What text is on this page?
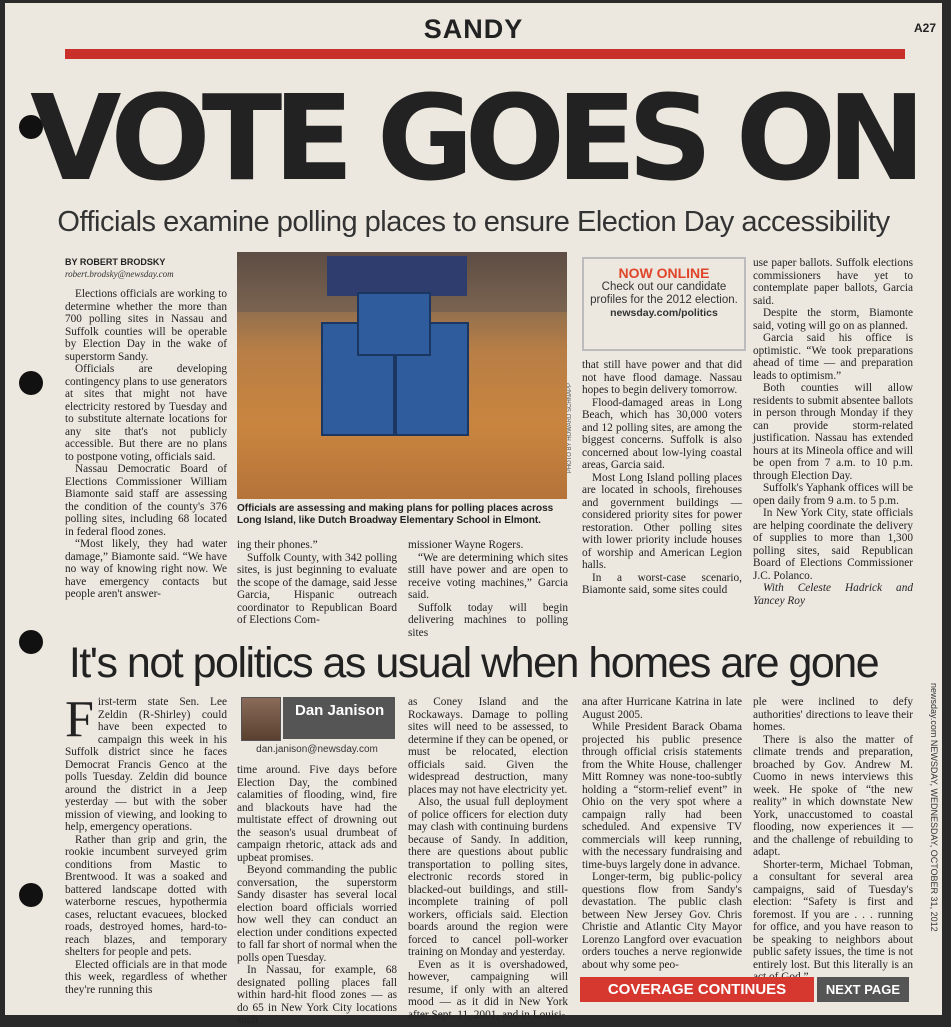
SANDY	A27
VOTE GOES ON
Officials examine polling places to ensure Election Day accessibility
BY ROBERT BRODSKY
robert.brodsky@newsday.com

Elections officials are working to determine whether the more than 700 polling sites in Nassau and Suffolk counties will be operable by Election Day in the wake of superstorm Sandy.

Officials are developing contingency plans to use generators at sites that might not have electricity restored by Tuesday and to substitute alternate locations for any site that's not publicly accessible. But there are no plans to postpone voting, officials said.

Nassau Democratic Board of Elections Commissioner William Biamonte said staff are assessing the condition of the county's 376 polling sites, including 68 located in federal flood zones.

“Most likely, they had water damage,” Biamonte said. “We have no way of knowing right now. We have emergency contacts but people aren't answer-

PHOTO BY HOWARD SCHNAPP
Officials are assessing and making plans for polling places across Long Island, like Dutch Broadway Elementary School in Elmont.
NOW ONLINE
Check out our candidate profiles for the 2012 election.
newsday.com/politics

ing their phones.”

Suffolk County, with 342 polling sites, is just beginning to evaluate the scope of the damage, said Jesse Garcia, Hispanic outreach coordinator to Republican Board of Elections Com-

missioner Wayne Rogers.

“We are determining which sites still have power and are open to receive voting machines,” Garcia said.

Suffolk today will begin delivering machines to polling sites

that still have power and that did not have flood damage. Nassau hopes to begin delivery tomorrow.

Flood-damaged areas in Long Beach, which has 30,000 voters and 12 polling sites, are among the biggest concerns. Suffolk is also concerned about low-lying coastal areas, Garcia said.

Most Long Island polling places are located in schools, firehouses and government buildings — considered priority sites for power restoration. Other polling sites with lower priority include houses of worship and American Legion halls.

In a worst-case scenario, Biamonte said, some sites could

use paper ballots. Suffolk elections commissioners have yet to contemplate paper ballots, Garcia said.

Despite the storm, Biamonte said, voting will go on as planned.

Garcia said his office is optimistic. “We took preparations ahead of time — and preparation leads to optimism.”

Both counties will allow residents to submit absentee ballots in person through Monday if they can provide storm-related justification. Nassau has extended hours at its Mineola office and will be open from 7 a.m. to 10 p.m. through Election Day.

Suffolk's Yaphank offices will be open daily from 9 a.m. to 5 p.m.

In New York City, state officials are helping coordinate the delivery of supplies to more than 1,300 polling sites, said Republican Board of Elections Commissioner J.C. Polanco.

With Celeste Hadrick and Yancey Roy

It's not politics as usual when homes are gone
F irst-term state Sen. Lee Zeldin (R-Shirley) could have been expected to campaign this week in his Suffolk district since he faces Democrat Francis Genco at the polls Tuesday. Zeldin did bounce around the district in a Jeep yesterday — but with the sober mission of viewing, and looking to help, emergency operations.

Rather than grip and grin, the rookie incumbent surveyed grim conditions from Mastic to Brentwood. It was a soaked and battered landscape dotted with waterborne rescues, hypothermia cases, reluctant evacuees, blocked roads, destroyed homes, hard-to-reach blazes, and temporary shelters for people and pets.

Elected officials are in that mode this week, regardless of whether they're running this

Dan Janison
dan.janison@newsday.com

time around. Five days before Election Day, the combined calamities of flooding, wind, fire and blackouts have had the multistate effect of drowning out the season's usual drumbeat of campaign rhetoric, attack ads and upbeat promises.

Beyond commanding the public conversation, the superstorm Sandy disaster has several local election board officials worried how well they can conduct an election under conditions expected to fall far short of normal when the polls open Tuesday.

In Nassau, for example, 68 designated polling places fall within hard-hit flood zones — as do 65 in New York City locations such

as Coney Island and the Rockaways. Damage to polling sites will need to be assessed, to determine if they can be opened, or must be relocated, election officials said. Given the widespread destruction, many places may not have electricity yet.

Also, the usual full deployment of police officers for election duty may clash with continuing burdens because of Sandy. In addition, there are questions about public transportation to polling sites, electronic records stored in blacked-out buildings, and still-incomplete training of poll workers, officials said. Election boards around the region were forced to cancel poll-worker training on Monday and yesterday.

Even as it is overshadowed, however, campaigning will resume, if only with an altered mood — as it did in New York after Sept. 11, 2001, and in Louisi-

ana after Hurricane Katrina in late August 2005.

While President Barack Obama projected his public presence through official crisis statements from the White House, challenger Mitt Romney was none-too-subtly holding a “storm-relief event” in Ohio on the very spot where a campaign rally had been scheduled. And expensive TV commercials will keep running, with the necessary fundraising and time-buys largely done in advance.

Longer-term, big public-policy questions flow from Sandy's devastation. The public clash between New Jersey Gov. Chris Christie and Atlantic City Mayor Lorenzo Langford over evacuation orders touches a nerve regionwide about why some peo-

ple were inclined to defy authorities' directions to leave their homes.

There is also the matter of climate trends and preparation, broached by Gov. Andrew M. Cuomo in news interviews this week. He spoke of “the new reality” in which downstate New York, unaccustomed to coastal flooding, now experiences it — and the challenge of rebuilding to adapt.

Shorter-term, Michael Tobman, a consultant for several area campaigns, said of Tuesday's election: “Safety is first and foremost. If you are . . . running for office, and you have reason to be speaking to neighbors about public safety issues, the time is not entirely lost. But this literally is an

newsday.com NEWSDAY, WEDNESDAY, OCTOBER 31, 2012
COVERAGE CONTINUES	NEXT PAGE
